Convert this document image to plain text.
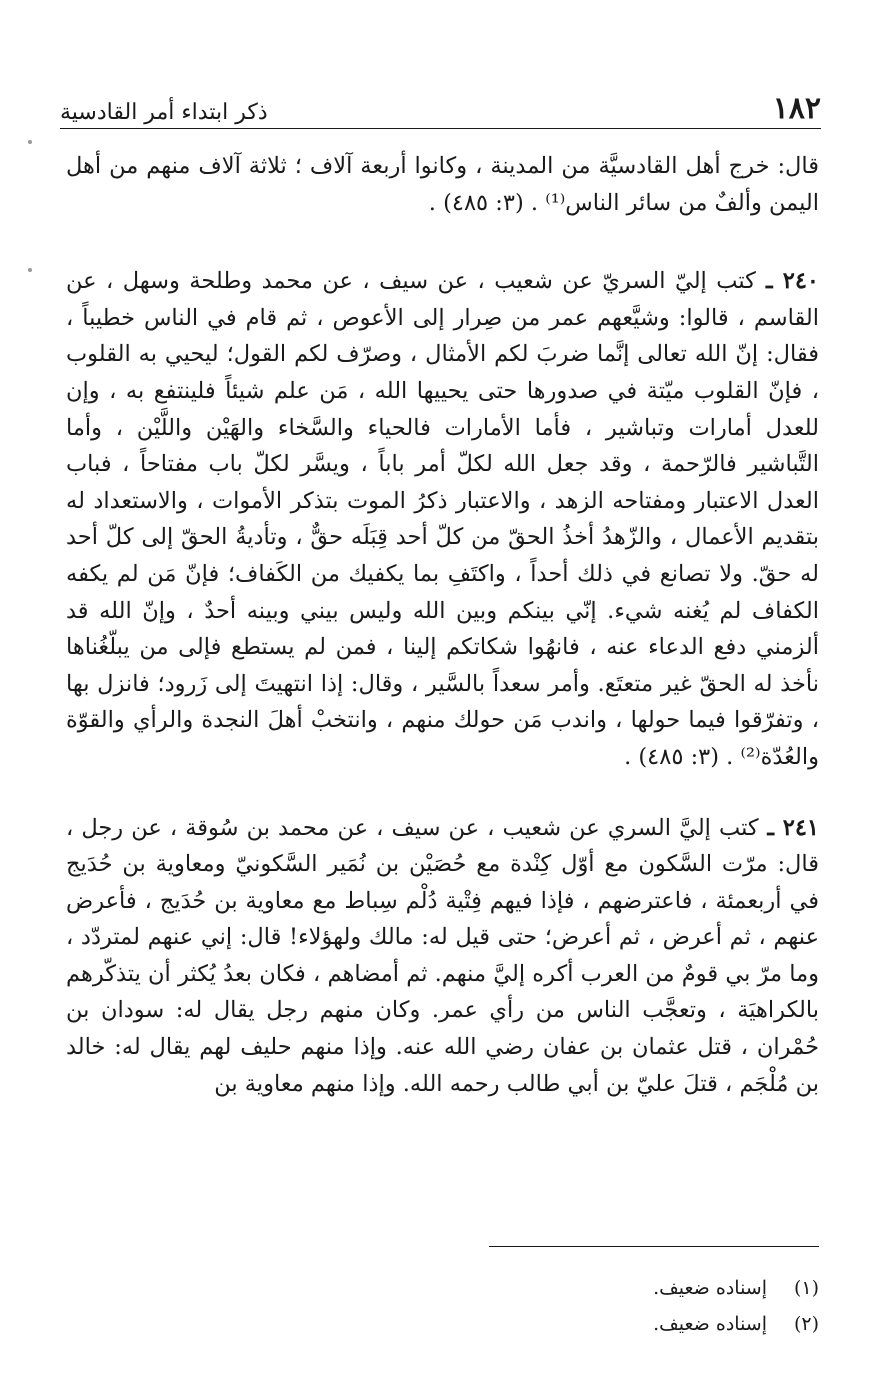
١٨٢
ذكر ابتداء أمر القادسية

قال: خرج أهل القادسيَّة من المدينة ، وكانوا أربعة آلاف ؛ ثلاثة آلاف منهم من أهل اليمن وألفٌ من سائر الناس⁽¹⁾ . (٣: ٤٨٥) .

٢٤٠ ـ كتب إليّ السريّ عن شعيب ، عن سيف ، عن محمد وطلحة وسهل ، عن القاسم ، قالوا: وشيَّعهم عمر من صِرار إلى الأعوص ، ثم قام في الناس خطيباً ، فقال: إنّ الله تعالى إنَّما ضربَ لكم الأمثال ، وصرّف لكم القول؛ ليحيي به القلوب ، فإنّ القلوب ميّتة في صدورها حتى يحييها الله ، مَن علم شيئاً فلينتفع به ، وإن للعدل أمارات وتباشير ، فأما الأمارات فالحياء والسَّخاء والهَيْن واللَّيْن ، وأما التَّباشير فالرّحمة ، وقد جعل الله لكلّ أمر باباً ، ويسَّر لكلّ باب مفتاحاً ، فباب العدل الاعتبار ومفتاحه الزهد ، والاعتبار ذكرُ الموت بتذكر الأموات ، والاستعداد له بتقديم الأعمال ، والزّهدُ أخذُ الحقّ من كلّ أحد قِبَلَه حقٌّ ، وتأديةُ الحقّ إلى كلّ أحد له حقّ. ولا تصانع في ذلك أحداً ، واكتَفِ بما يكفيك من الكَفاف؛ فإنّ مَن لم يكفه الكفاف لم يُغنه شيء. إنّي بينكم وبين الله وليس بيني وبينه أحدٌ ، وإنّ الله قد ألزمني دفع الدعاء عنه ، فانهُوا شكاتكم إلينا ، فمن لم يستطع فإلى من يبلّغُناها نأخذ له الحقّ غير متعتَع. وأمر سعداً بالسَّير ، وقال: إذا انتهيتَ إلى زَرود؛ فانزل بها ، وتفرّقوا فيما حولها ، واندب مَن حولك منهم ، وانتخبْ أهلَ النجدة والرأي والقوّة والعُدّة⁽²⁾ . (٣: ٤٨٥) .

٢٤١ ـ كتب إليَّ السري عن شعيب ، عن سيف ، عن محمد بن سُوقة ، عن رجل ، قال: مرّت السَّكون مع أوّل كِنْدة مع حُصَيْن بن نُمَير السَّكونيّ ومعاوية بن حُدَيج في أربعمئة ، فاعترضهم ، فإذا فيهم فِتْية دُلْم سِباط مع معاوية بن حُدَيج ، فأعرض عنهم ، ثم أعرض ، ثم أعرض؛ حتى قيل له: مالك ولهؤلاء! قال: إني عنهم لمتردّد ، وما مرّ بي قومٌ من العرب أكره إليَّ منهم. ثم أمضاهم ، فكان بعدُ يُكثر أن يتذكّرهم بالكراهيَة ، وتعجَّب الناس من رأي عمر. وكان منهم رجل يقال له: سودان بن حُمْران ، قتل عثمان بن عفان رضي الله عنه. وإذا منهم حليف لهم يقال له: خالد بن مُلْجَم ، قتلَ عليّ بن أبي طالب رحمه الله. وإذا منهم معاوية بن

(١)
إسناده ضعيف.
(٢)
إسناده ضعيف.
